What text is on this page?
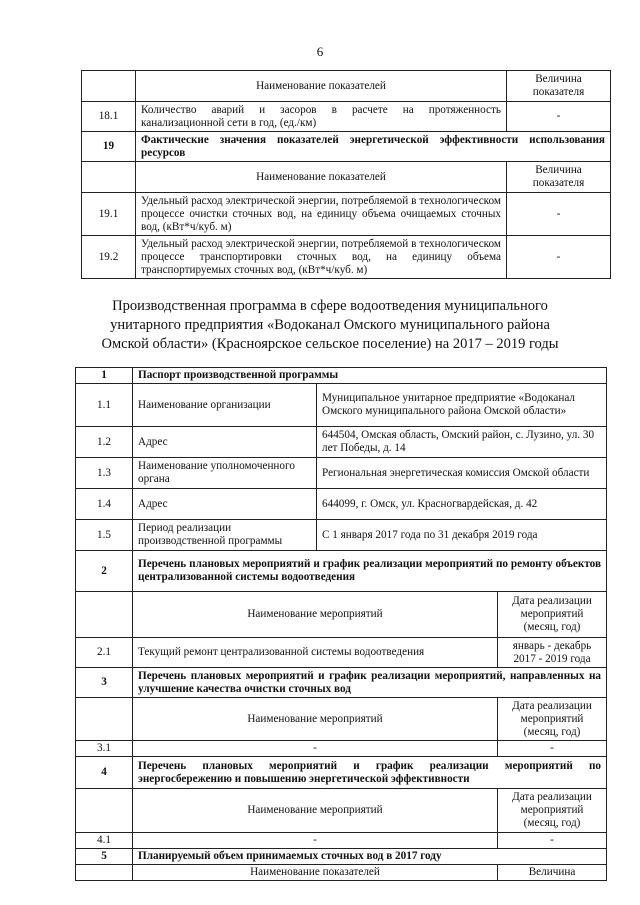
6
	Наименование показателей	Величина показателя
18.1	Количество аварий и засоров в расчете на протяженность канализационной сети в год, (ед./км)	-
19	Фактические значения показателей энергетической эффективности использования ресурсов	
	Наименование показателей	Величина показателя
19.1	Удельный расход электрической энергии, потребляемой в технологическом процессе очистки сточных вод, на единицу объема очищаемых сточных вод, (кВт*ч/куб. м)	-
19.2	Удельный расход электрической энергии, потребляемой в технологическом процессе транспортировки сточных вод, на единицу объема транспортируемых сточных вод, (кВт*ч/куб. м)	-
Производственная программа в сфере водоотведения муниципального
унитарного предприятия «Водоканал Омского муниципального района
Омской области» (Красноярское сельское поселение) на 2017 – 2019 годы
1	Паспорт производственной программы		
1.1	Наименование организации	Муниципальное унитарное предприятие «Водоканал Омского муниципального района Омской области»	
1.2	Адрес	644504, Омская область, Омский район, с. Лузино, ул. 30 лет Победы, д. 14	
1.3	Наименование уполномоченного органа	Региональная энергетическая комиссия Омской области	
1.4	Адрес	644099, г. Омск, ул. Красногвардейская, д. 42	
1.5	Период реализации производственной программы	С 1 января 2017 года по 31 декабря 2019 года	
2	Перечень плановых мероприятий и график реализации мероприятий по ремонту объектов централизованной системы водоотведения		
	Наименование мероприятий		Дата реализации мероприятий (месяц, год)
2.1	Текущий ремонт централизованной системы водоотведения		январь - декабрь 2017 - 2019 года
3	Перечень плановых мероприятий и график реализации мероприятий, направленных на улучшение качества очистки сточных вод		
	Наименование мероприятий		Дата реализации мероприятий (месяц, год)
3.1	-		-
4	Перечень плановых мероприятий и график реализации мероприятий по энергосбережению и повышению энергетической эффективности		
	Наименование мероприятий		Дата реализации мероприятий (месяц, год)
4.1	-		-
5	Планируемый объем принимаемых сточных вод в 2017 году		
	Наименование показателей		Величина
